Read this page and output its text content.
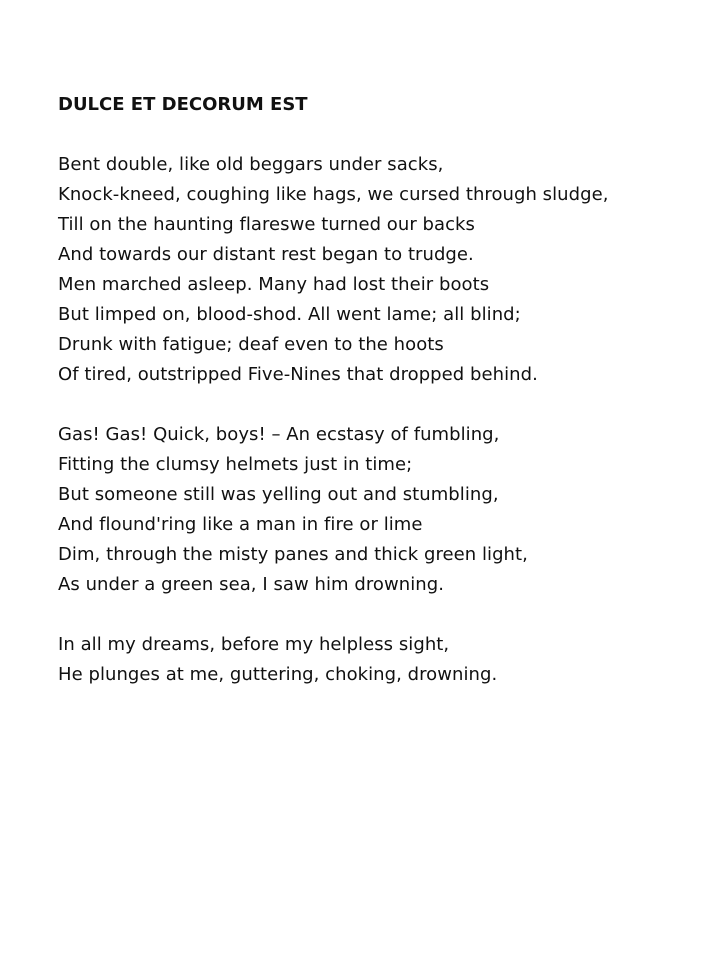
DULCE ET DECORUM EST
Bent double, like old beggars under sacks,
Knock-kneed, coughing like hags, we cursed through sludge,
Till on the haunting flareswe turned our backs
And towards our distant rest began to trudge.
Men marched asleep. Many had lost their boots
But limped on, blood-shod. All went lame; all blind;
Drunk with fatigue; deaf even to the hoots
Of tired, outstripped Five-Nines that dropped behind.
Gas! Gas! Quick, boys! – An ecstasy of fumbling,
Fitting the clumsy helmets just in time;
But someone still was yelling out and stumbling,
And flound'ring like a man in fire or lime
Dim, through the misty panes and thick green light,
As under a green sea, I saw him drowning.
In all my dreams, before my helpless sight,
He plunges at me, guttering, choking, drowning.
